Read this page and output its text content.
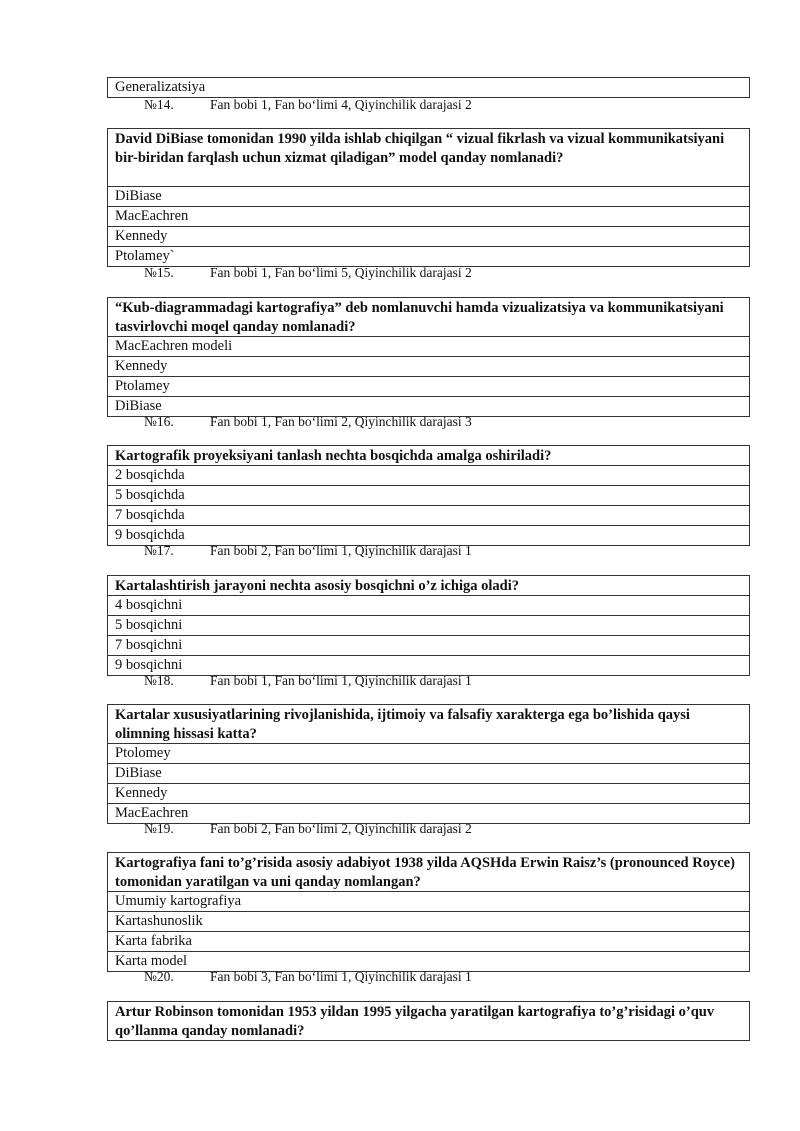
Generalizatsiya
№14.	Fan bobi 1, Fan bo‘limi 4, Qiyinchilik darajasi 2
David DiBiase tomonidan 1990 yilda ishlab chiqilgan “ vizual fikrlash va vizual kommunikatsiyani bir-biridan farqlash uchun xizmat qiladigan” model qanday nomlanadi?
DiBiase
MacEachren
Kennedy
Ptolamey`
№15.	Fan bobi 1, Fan bo‘limi 5, Qiyinchilik darajasi 2
“Kub-diagrammadagi kartografiya” deb nomlanuvchi hamda vizualizatsiya va kommunikatsiyani tasvirlovchi moqel qanday nomlanadi?
MacEachren modeli
Kennedy
Ptolamey
DiBiase
№16.	Fan bobi 1, Fan bo‘limi 2, Qiyinchilik darajasi 3
Kartografik proyeksiyani tanlash nechta bosqichda amalga oshiriladi?
2 bosqichda
5 bosqichda
7 bosqichda
9 bosqichda
№17.	Fan bobi 2, Fan bo‘limi 1, Qiyinchilik darajasi 1
Kartalashtirish jarayoni nechta asosiy bosqichni o’z ichiga oladi?
4 bosqichni
5 bosqichni
7 bosqichni
9 bosqichni
№18.	Fan bobi 1, Fan bo‘limi 1, Qiyinchilik darajasi 1
Kartalar xususiyatlarining rivojlanishida, ijtimoiy va falsafiy xarakterga ega bo’lishida qaysi olimning hissasi katta?
Ptolomey
DiBiase
Kennedy
MacEachren
№19.	Fan bobi 2, Fan bo‘limi 2, Qiyinchilik darajasi 2
Kartografiya fani to’g’risida asosiy adabiyot 1938 yilda AQSHda Erwin Raisz’s (pronounced Royce) tomonidan yaratilgan va uni qanday nomlangan?
Umumiy kartografiya
Kartashunoslik
Karta fabrika
Karta model
№20.	Fan bobi 3, Fan bo‘limi 1, Qiyinchilik darajasi 1
Artur Robinson tomonidan 1953 yildan 1995 yilgacha yaratilgan kartografiya to’g’risidagi o’quv qo’llanma qanday nomlanadi?
